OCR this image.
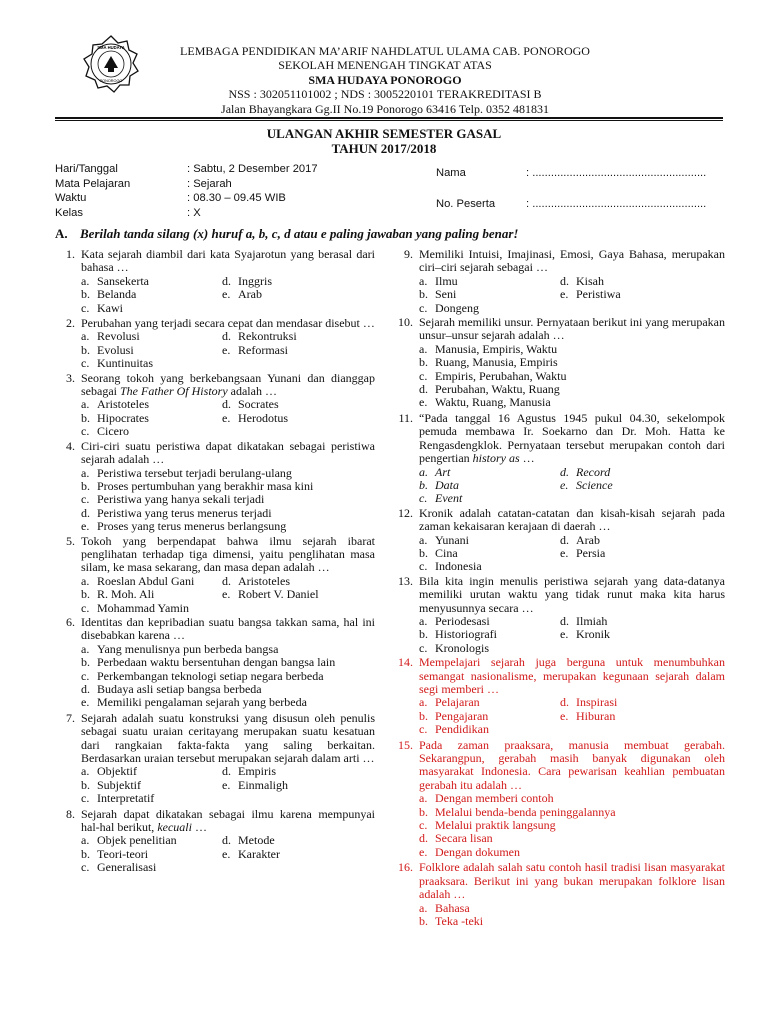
SMA HUDAYA
PONOROGO
LEMBAGA PENDIDIKAN MA’ARIF NAHDLATUL ULAMA CAB. PONOROGO
SEKOLAH MENENGAH TINGKAT ATAS
SMA HUDAYA PONOROGO
NSS : 302051101002 ; NDS : 3005220101 TERAKREDITASI B
Jalan Bhayangkara Gg.II No.19 Ponorogo 63416 Telp. 0352 481831
ULANGAN AKHIR SEMESTER GASAL
TAHUN 2017/2018
Hari/Tanggal	: Sabtu, 2 Desember 2017
Mata Pelajaran	: Sejarah
Waktu	: 08.30 – 09.45 WIB
Kelas	: X
Nama	: ........................................................
No. Peserta	: ........................................................
A. Berilah tanda silang (x) huruf a, b, c, d atau e paling jawaban yang paling benar!
1. Kata sejarah diambil dari kata Syajarotun yang berasal dari bahasa …
a. Sansekerta	d. Inggris
b. Belanda	e. Arab
c. Kawi
2. Perubahan yang terjadi secara cepat dan mendasar disebut …
a. Revolusi	d. Rekontruksi
b. Evolusi	e. Reformasi
c. Kuntinuitas
3. Seorang tokoh yang berkebangsaan Yunani dan dianggap sebagai The Father Of History adalah …
a. Aristoteles	d. Socrates
b. Hipocrates	e. Herodotus
c. Cicero
4. Ciri-ciri suatu peristiwa dapat dikatakan sebagai peristiwa sejarah adalah …
a. Peristiwa tersebut terjadi berulang-ulang
b. Proses pertumbuhan yang berakhir masa kini
c. Peristiwa yang hanya sekali terjadi
d. Peristiwa yang terus menerus terjadi
e. Proses yang terus menerus berlangsung
5. Tokoh yang berpendapat bahwa ilmu sejarah ibarat penglihatan terhadap tiga dimensi, yaitu penglihatan masa silam, ke masa sekarang, dan masa depan adalah …
a. Roeslan Abdul Gani d. Aristoteles
b. R. Moh. Ali	e. Robert V. Daniel
c. Mohammad Yamin
6. Identitas dan kepribadian suatu bangsa takkan sama, hal ini disebabkan karena …
a. Yang menulisnya pun berbeda bangsa
b. Perbedaan waktu bersentuhan dengan bangsa lain
c. Perkembangan teknologi setiap negara berbeda
d. Budaya asli setiap bangsa berbeda
e. Memiliki pengalaman sejarah yang berbeda
7. Sejarah adalah suatu konstruksi yang disusun oleh penulis sebagai suatu uraian ceritayang merupakan suatu kesatuan dari rangkaian fakta-fakta yang saling berkaitan. Berdasarkan uraian tersebut merupakan sejarah dalam arti …
a. Objektif	d. Empiris
b. Subjektif	e. Einmaligh
c. Interpretatif
8. Sejarah dapat dikatakan sebagai ilmu karena mempunyai hal-hal berikut, kecuali …
a. Objek penelitian	d. Metode
b. Teori-teori	e. Karakter
c. Generalisasi
9. Memiliki Intuisi, Imajinasi, Emosi, Gaya Bahasa, merupakan ciri–ciri sejarah sebagai …
a. Ilmu	d. Kisah
b. Seni	e. Peristiwa
c. Dongeng
10. Sejarah memiliki unsur. Pernyataan berikut ini yang merupakan unsur–unsur sejarah adalah …
a. Manusia, Empiris, Waktu
b. Ruang, Manusia, Empiris
c. Empiris, Perubahan, Waktu
d. Perubahan, Waktu, Ruang
e. Waktu, Ruang, Manusia
11. “Pada tanggal 16 Agustus 1945 pukul 04.30, sekelompok pemuda membawa Ir. Soekarno dan Dr. Moh. Hatta ke Rengasdengklok. Pernyataan tersebut merupakan contoh dari pengertian history as …
a. Art	d. Record
b. Data	e. Science
c. Event
12. Kronik adalah catatan-catatan dan kisah-kisah sejarah pada zaman kekaisaran kerajaan di daerah …
a. Yunani	d. Arab
b. Cina	e. Persia
c. Indonesia
13. Bila kita ingin menulis peristiwa sejarah yang data-datanya memiliki urutan waktu yang tidak runut maka kita harus menyusunnya secara …
a. Periodesasi	d. Ilmiah
b. Historiografi	e. Kronik
c. Kronologis
14. Mempelajari sejarah juga berguna untuk menumbuhkan semangat nasionalisme, merupakan kegunaan sejarah dalam segi memberi …
a. Pelajaran	d. Inspirasi
b. Pengajaran	e. Hiburan
c. Pendidikan
15. Pada zaman praaksara, manusia membuat gerabah. Sekarangpun, gerabah masih banyak digunakan oleh masyarakat Indonesia. Cara pewarisan keahlian pembuatan gerabah itu adalah …
a. Dengan memberi contoh
b. Melalui benda-benda peninggalannya
c. Melalui praktik langsung
d. Secara lisan
e. Dengan dokumen
16. Folklore adalah salah satu contoh hasil tradisi lisan masyarakat praaksara. Berikut ini yang bukan merupakan folklore lisan adalah …
a. Bahasa
b. Teka -teki
